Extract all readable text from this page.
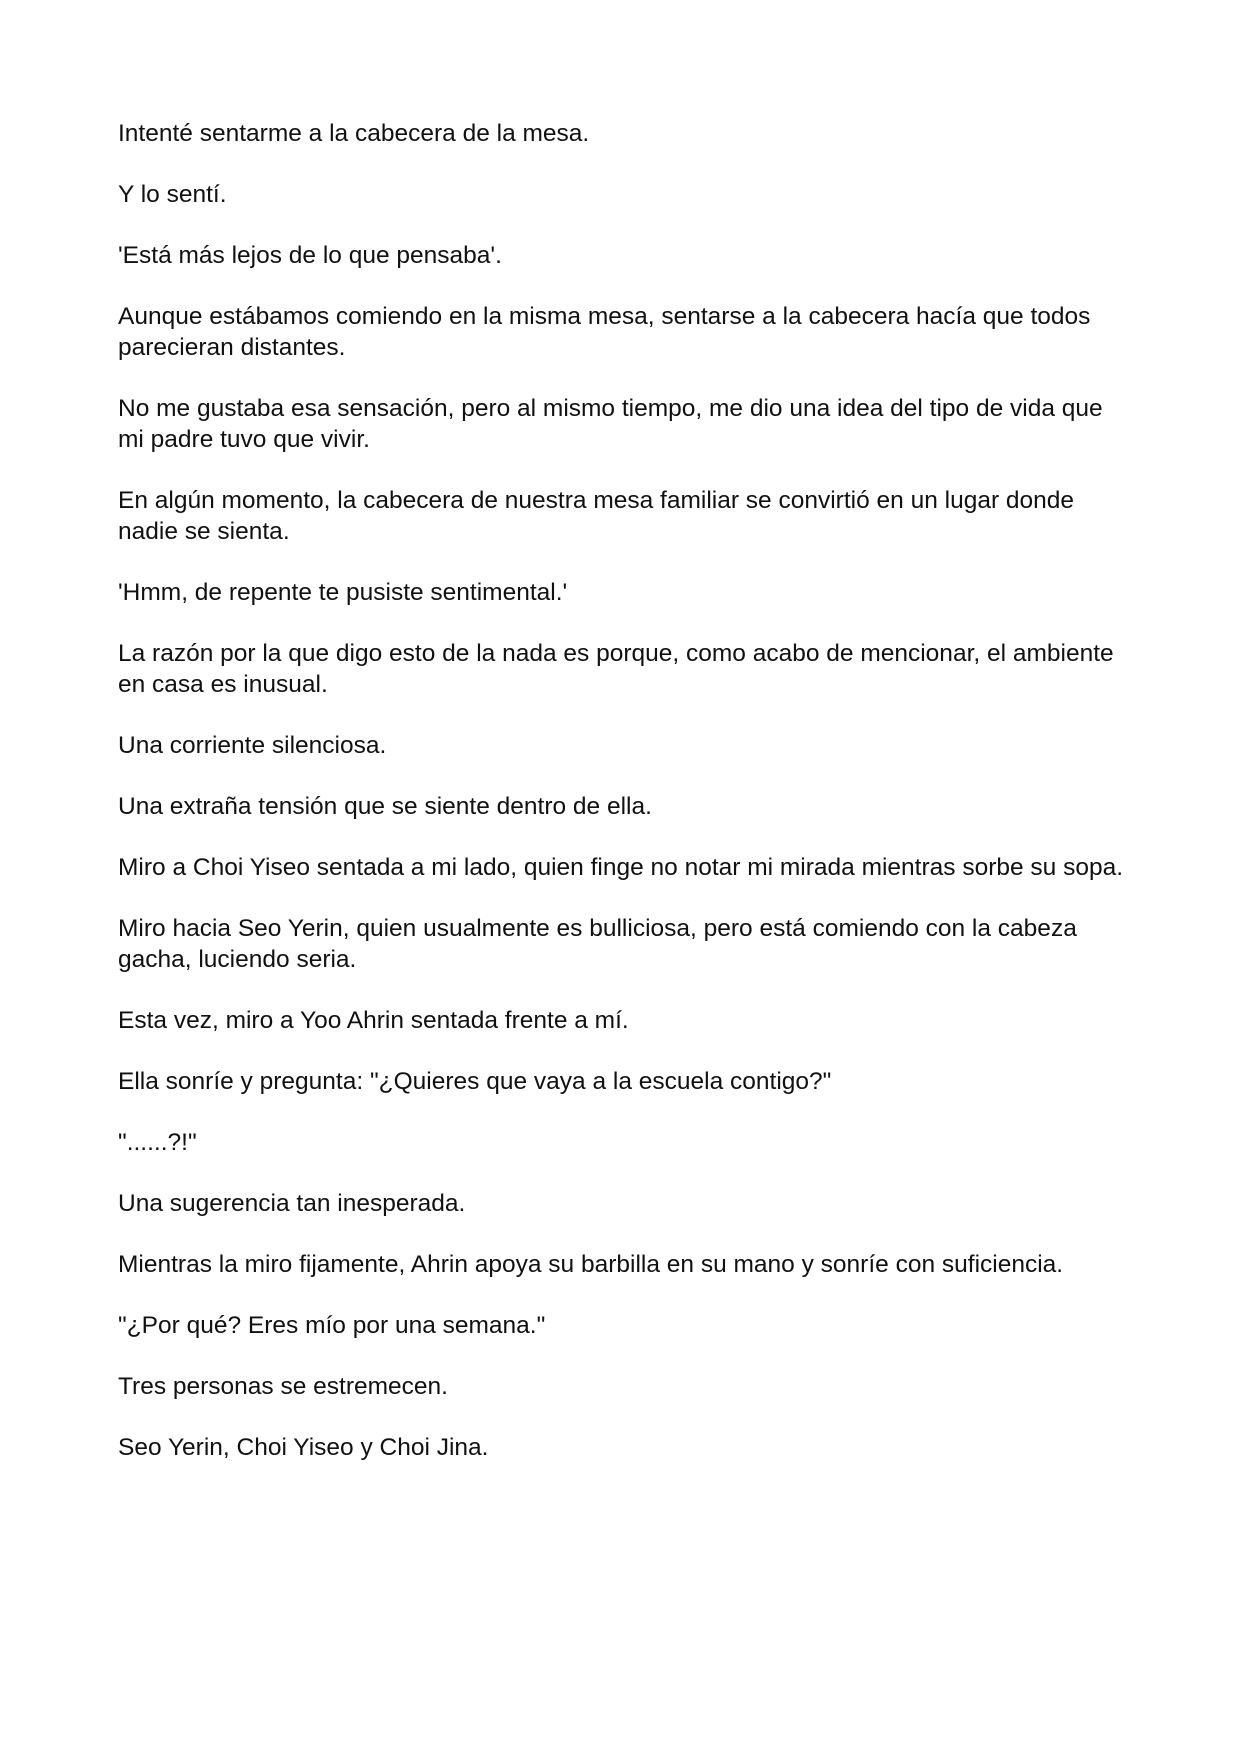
Intenté sentarme a la cabecera de la mesa.

Y lo sentí.

'Está más lejos de lo que pensaba'.

Aunque estábamos comiendo en la misma mesa, sentarse a la cabecera hacía que todos parecieran distantes.

No me gustaba esa sensación, pero al mismo tiempo, me dio una idea del tipo de vida que mi padre tuvo que vivir.

En algún momento, la cabecera de nuestra mesa familiar se convirtió en un lugar donde nadie se sienta.

'Hmm, de repente te pusiste sentimental.'

La razón por la que digo esto de la nada es porque, como acabo de mencionar, el ambiente en casa es inusual.

Una corriente silenciosa.

Una extraña tensión que se siente dentro de ella.

Miro a Choi Yiseo sentada a mi lado, quien finge no notar mi mirada mientras sorbe su sopa.

Miro hacia Seo Yerin, quien usualmente es bulliciosa, pero está comiendo con la cabeza gacha, luciendo seria.

Esta vez, miro a Yoo Ahrin sentada frente a mí.

Ella sonríe y pregunta: "¿Quieres que vaya a la escuela contigo?"

"......?!"

Una sugerencia tan inesperada.

Mientras la miro fijamente, Ahrin apoya su barbilla en su mano y sonríe con suficiencia.

"¿Por qué? Eres mío por una semana."

Tres personas se estremecen.

Seo Yerin, Choi Yiseo y Choi Jina.
